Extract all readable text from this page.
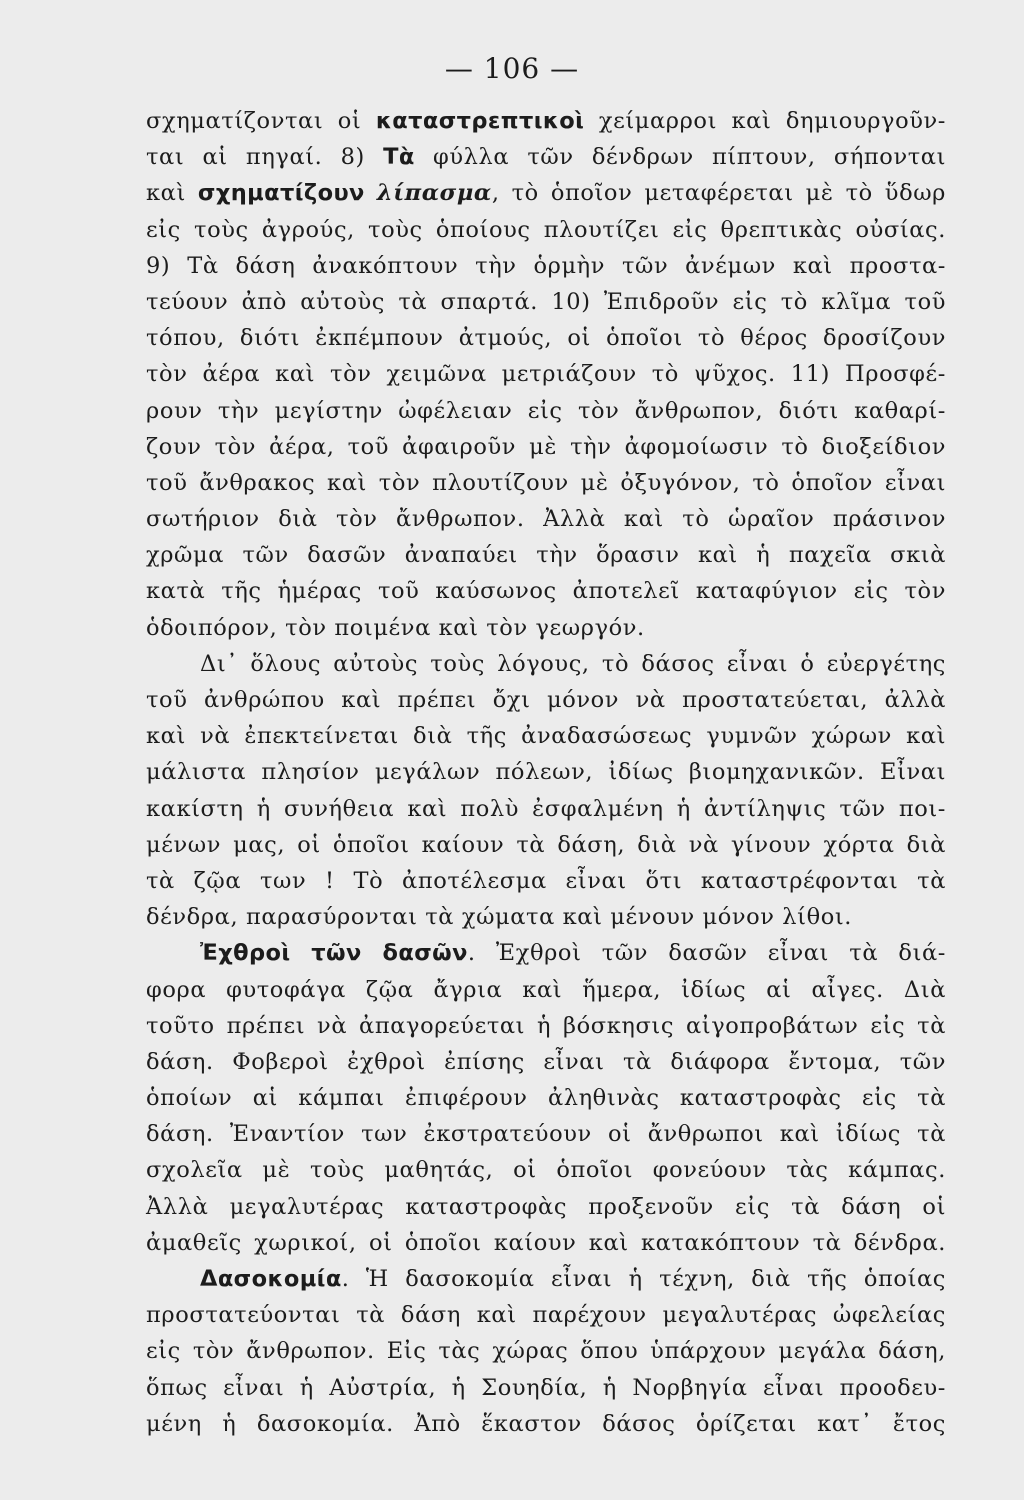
— 106 —
σχηματίζονται οἱ καταστρεπτικοὶ χείμαρροι καὶ δημιουργοῦν-
ται αἱ πηγαί. 8) Τὰ φύλλα τῶν δένδρων πίπτουν, σήπονται
καὶ σχηματίζουν λίπασμα, τὸ ὁποῖον μεταφέρεται μὲ τὸ ὕδωρ
εἰς τοὺς ἀγρούς, τοὺς ὁποίους πλουτίζει εἰς θρεπτικὰς οὐσίας.
9) Τὰ δάση ἀνακόπτουν τὴν ὁρμὴν τῶν ἀνέμων καὶ προστα-
τεύουν ἀπὸ αὐτοὺς τὰ σπαρτά. 10) Ἐπιδροῦν εἰς τὸ κλῖμα τοῦ
τόπου, διότι ἐκπέμπουν ἀτμούς, οἱ ὁποῖοι τὸ θέρος δροσίζουν
τὸν ἀέρα καὶ τὸν χειμῶνα μετριάζουν τὸ ψῦχος. 11) Προσφέ-
ρουν τὴν μεγίστην ὠφέλειαν εἰς τὸν ἄνθρωπον, διότι καθαρί-
ζουν τὸν ἀέρα, τοῦ ἀφαιροῦν μὲ τὴν ἀφομοίωσιν τὸ διοξείδιον
τοῦ ἄνθρακος καὶ τὸν πλουτίζουν μὲ ὀξυγόνον, τὸ ὁποῖον εἶναι
σωτήριον διὰ τὸν ἄνθρωπον. Ἀλλὰ καὶ τὸ ὡραῖον πράσινον
χρῶμα τῶν δασῶν ἀναπαύει τὴν ὅρασιν καὶ ἡ παχεῖα σκιὰ
κατὰ τῆς ἡμέρας τοῦ καύσωνος ἀποτελεῖ καταφύγιον εἰς τὸν
ὁδοιπόρον, τὸν ποιμένα καὶ τὸν γεωργόν.
Δι᾽ ὅλους αὐτοὺς τοὺς λόγους, τὸ δάσος εἶναι ὁ εὐεργέτης
τοῦ ἀνθρώπου καὶ πρέπει ὄχι μόνον νὰ προστατεύεται, ἀλλὰ
καὶ νὰ ἐπεκτείνεται διὰ τῆς ἀναδασώσεως γυμνῶν χώρων καὶ
μάλιστα πλησίον μεγάλων πόλεων, ἰδίως βιομηχανικῶν. Εἶναι
κακίστη ἡ συνήθεια καὶ πολὺ ἐσφαλμένη ἡ ἀντίληψις τῶν ποι-
μένων μας, οἱ ὁποῖοι καίουν τὰ δάση, διὰ νὰ γίνουν χόρτα διὰ
τὰ ζῷα των ! Τὸ ἀποτέλεσμα εἶναι ὅτι καταστρέφονται τὰ
δένδρα, παρασύρονται τὰ χώματα καὶ μένουν μόνον λίθοι.
Ἐχθροὶ τῶν δασῶν. Ἐχθροὶ τῶν δασῶν εἶναι τὰ διά-
φορα φυτοφάγα ζῷα ἄγρια καὶ ἥμερα, ἰδίως αἱ αἶγες. Διὰ
τοῦτο πρέπει νὰ ἀπαγορεύεται ἡ βόσκησις αἰγοπροβάτων εἰς τὰ
δάση. Φοβεροὶ ἐχθροὶ ἐπίσης εἶναι τὰ διάφορα ἔντομα, τῶν
ὁποίων αἱ κάμπαι ἐπιφέρουν ἀληθινὰς καταστροφὰς εἰς τὰ
δάση. Ἐναντίον των ἐκστρατεύουν οἱ ἄνθρωποι καὶ ἰδίως τὰ
σχολεῖα μὲ τοὺς μαθητάς, οἱ ὁποῖοι φονεύουν τὰς κάμπας.
Ἀλλὰ μεγαλυτέρας καταστροφὰς προξενοῦν εἰς τὰ δάση οἱ
ἀμαθεῖς χωρικοί, οἱ ὁποῖοι καίουν καὶ κατακόπτουν τὰ δένδρα.
Δασοκομία. Ἡ δασοκομία εἶναι ἡ τέχνη, διὰ τῆς ὁποίας
προστατεύονται τὰ δάση καὶ παρέχουν μεγαλυτέρας ὠφελείας
εἰς τὸν ἄνθρωπον. Εἰς τὰς χώρας ὅπου ὑπάρχουν μεγάλα δάση,
ὅπως εἶναι ἡ Αὐστρία, ἡ Σουηδία, ἡ Νορβηγία εἶναι προοδευ-
μένη ἡ δασοκομία. Ἀπὸ ἕκαστον δάσος ὁρίζεται κατ᾽ ἔτος
